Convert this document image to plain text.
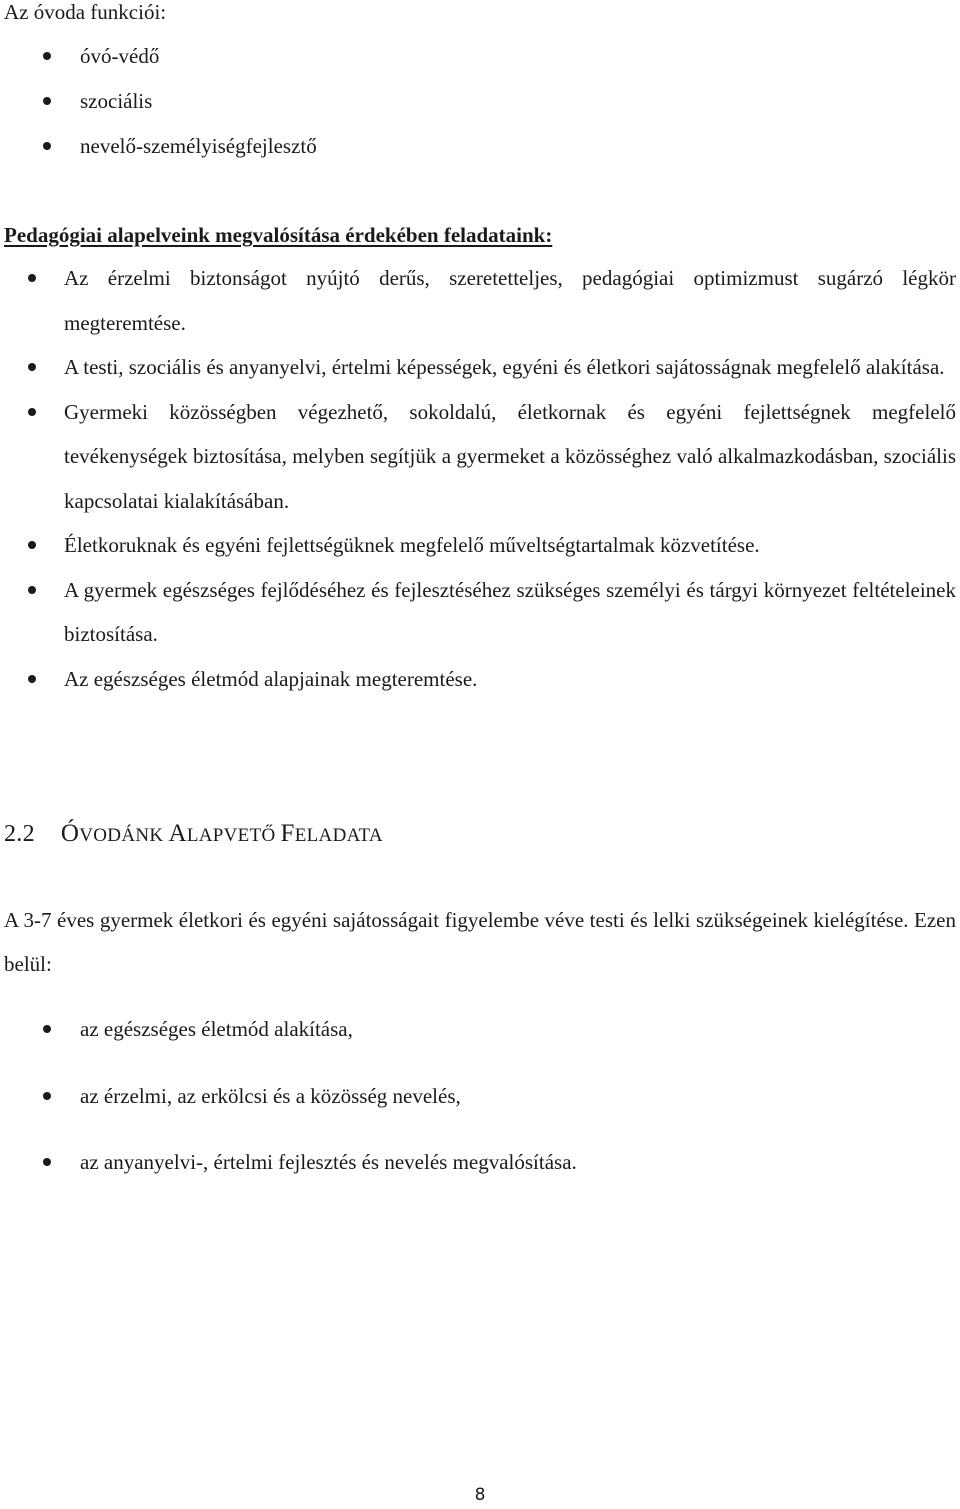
Az óvoda funkciói:
óvó-védő
szociális
nevelő-személyiségfejlesztő
Pedagógiai alapelveink megvalósítása érdekében feladataink:
Az érzelmi biztonságot nyújtó derűs, szeretetteljes, pedagógiai optimizmust sugárzó légkör megteremtése.
A testi, szociális és anyanyelvi, értelmi képességek, egyéni és életkori sajátosságnak megfelelő alakítása.
Gyermeki közösségben végezhető, sokoldalú, életkornak és egyéni fejlettségnek megfelelő tevékenységek biztosítása, melyben segítjük a gyermeket a közösséghez való alkalmazkodásban, szociális kapcsolatai kialakításában.
Életkoruknak és egyéni fejlettségüknek megfelelő műveltségtartalmak közvetítése.
A gyermek egészséges fejlődéséhez és fejlesztéséhez szükséges személyi és tárgyi környezet feltételeinek biztosítása.
Az egészséges életmód alapjainak megteremtése.
2.2 ÓVODÁNK ALAPVETŐ FELADATA
A 3-7 éves gyermek életkori és egyéni sajátosságait figyelembe véve testi és lelki szükségeinek kielégítése. Ezen belül:
az egészséges életmód alakítása,
az érzelmi, az erkölcsi és a közösség nevelés,
az anyanyelvi-, értelmi fejlesztés és nevelés megvalósítása.
8
